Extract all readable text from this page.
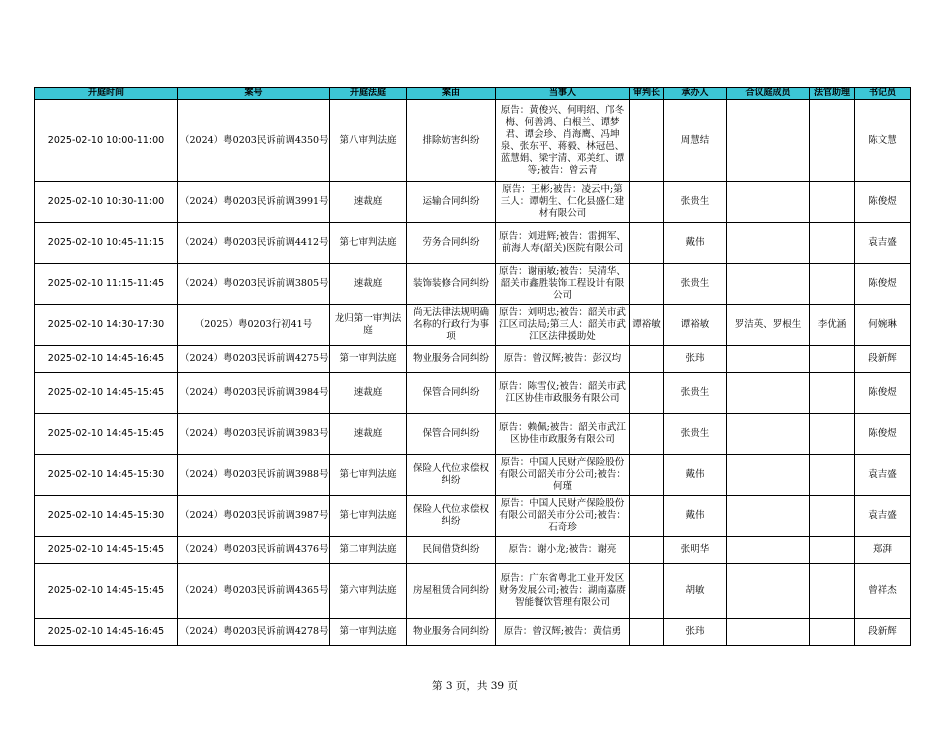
开庭时间	案号	开庭法庭	案由	当事人	审判长	承办人	合议庭成员	法官助理	书记员
2025-02-10 10:00-11:00	（2024）粤0203民诉前调4350号	第八审判法庭	排除妨害纠纷	原告：黄俊兴、何明绍、邝冬梅、何善鸿、白根兰、谭梦君、谭会珍、肖海鹰、冯坤泉、张东平、蒋毅、林冠邑、蓝慧娟、梁宇清、邓美红、谭等;被告：曾云青		周慧结			陈文慧
2025-02-10 10:30-11:00	（2024）粤0203民诉前调3991号	速裁庭	运输合同纠纷	原告：王彬;被告：凌云中;第三人：谭朝生、仁化县盛仁建材有限公司		张贵生			陈俊煜
2025-02-10 10:45-11:15	（2024）粤0203民诉前调4412号	第七审判法庭	劳务合同纠纷	原告：刘进辉;被告：雷拥军、前海人寿(韶关)医院有限公司		戴伟			袁吉盛
2025-02-10 11:15-11:45	（2024）粤0203民诉前调3805号	速裁庭	装饰装修合同纠纷	原告：谢丽敏;被告：吴清华、韶关市鑫胜装饰工程设计有限公司		张贵生			陈俊煜
2025-02-10 14:30-17:30	（2025）粤0203行初41号	龙归第一审判法庭	尚无法律法规明确名称的行政行为事项	原告：刘明忠;被告：韶关市武江区司法局;第三人：韶关市武江区法律援助处	谭裕敏	谭裕敏	罗洁英、罗根生	李优涵	何婉琳
2025-02-10 14:45-16:45	（2024）粤0203民诉前调4275号	第一审判法庭	物业服务合同纠纷	原告：曾汉辉;被告：彭汉均		张玮			段新辉
2025-02-10 14:45-15:45	（2024）粤0203民诉前调3984号	速裁庭	保管合同纠纷	原告：陈雪仪;被告：韶关市武江区协佳市政服务有限公司		张贵生			陈俊煜
2025-02-10 14:45-15:45	（2024）粤0203民诉前调3983号	速裁庭	保管合同纠纷	原告：赖佩;被告：韶关市武江区协佳市政服务有限公司		张贵生			陈俊煜
2025-02-10 14:45-15:30	（2024）粤0203民诉前调3988号	第七审判法庭	保险人代位求偿权纠纷	原告：中国人民财产保险股份有限公司韶关市分公司;被告：何瑾		戴伟			袁吉盛
2025-02-10 14:45-15:30	（2024）粤0203民诉前调3987号	第七审判法庭	保险人代位求偿权纠纷	原告：中国人民财产保险股份有限公司韶关市分公司;被告：石奇珍		戴伟			袁吉盛
2025-02-10 14:45-15:45	（2024）粤0203民诉前调4376号	第二审判法庭	民间借贷纠纷	原告：谢小龙;被告：谢亮		张明华			郑湃
2025-02-10 14:45-15:45	（2024）粤0203民诉前调4365号	第六审判法庭	房屋租赁合同纠纷	原告：广东省粤北工业开发区财务发展公司;被告：湖南嘉赓智能餐饮管理有限公司		胡敏			曾祥杰
2025-02-10 14:45-16:45	（2024）粤0203民诉前调4278号	第一审判法庭	物业服务合同纠纷	原告：曾汉辉;被告：黄信勇		张玮			段新辉
第 3 页，共 39 页
